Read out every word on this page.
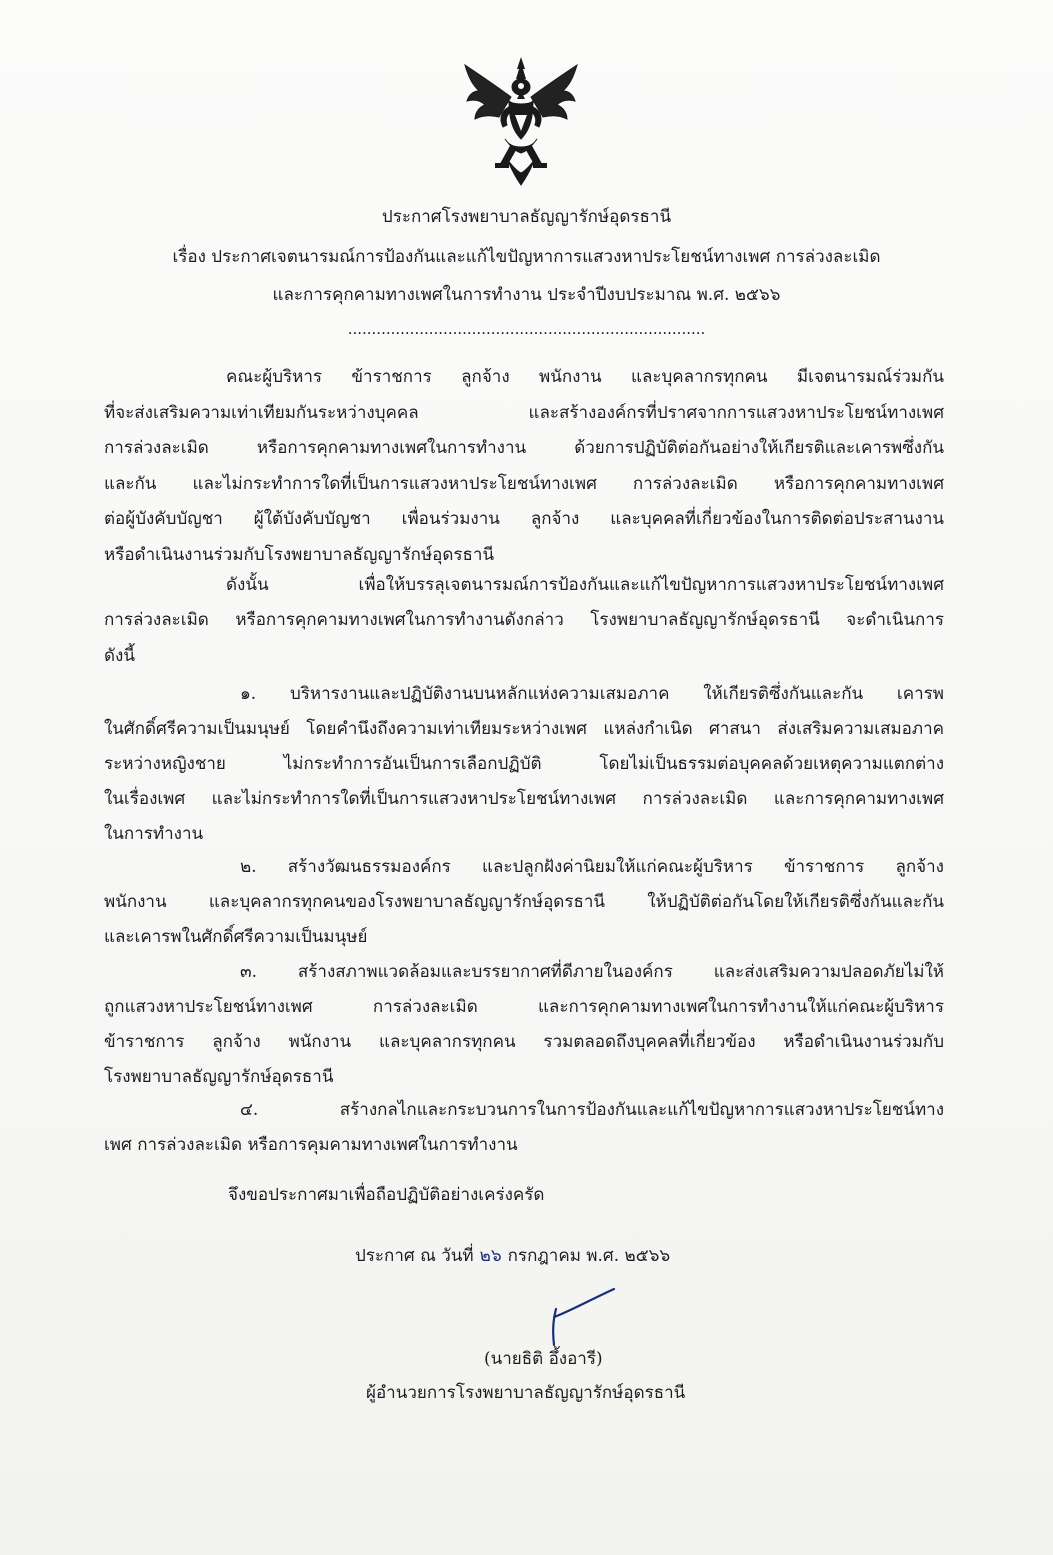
ประกาศโรงพยาบาลธัญญารักษ์อุดรธานี
เรื่อง ประกาศเจตนารมณ์การป้องกันและแก้ไขปัญหาการแสวงหาประโยชน์ทางเพศ การล่วงละเมิด
และการคุกคามทางเพศในการทำงาน ประจำปีงบประมาณ พ.ศ. ๒๕๖๖
...........................................................................
คณะผู้บริหาร ข้าราชการ ลูกจ้าง พนักงาน และบุคลากรทุกคน มีเจตนารมณ์ร่วมกัน
ที่จะส่งเสริมความเท่าเทียมกันระหว่างบุคคล และสร้างองค์กรที่ปราศจากการแสวงหาประโยชน์ทางเพศ
การล่วงละเมิด หรือการคุกคามทางเพศในการทำงาน ด้วยการปฏิบัติต่อกันอย่างให้เกียรติและเคารพซึ่งกัน
และกัน และไม่กระทำการใดที่เป็นการแสวงหาประโยชน์ทางเพศ การล่วงละเมิด หรือการคุกคามทางเพศ
ต่อผู้บังคับบัญชา ผู้ใต้บังคับบัญชา เพื่อนร่วมงาน ลูกจ้าง และบุคคลที่เกี่ยวข้องในการติดต่อประสานงาน
หรือดำเนินงานร่วมกับโรงพยาบาลธัญญารักษ์อุดรธานี
ดังนั้น เพื่อให้บรรลุเจตนารมณ์การป้องกันและแก้ไขปัญหาการแสวงหาประโยชน์ทางเพศ
การล่วงละเมิด หรือการคุกคามทางเพศในการทำงานดังกล่าว โรงพยาบาลธัญญารักษ์อุดรธานี จะดำเนินการ
ดังนี้
๑. บริหารงานและปฏิบัติงานบนหลักแห่งความเสมอภาค ให้เกียรติซึ่งกันและกัน เคารพ
ในศักดิ์ศรีความเป็นมนุษย์ โดยคำนึงถึงความเท่าเทียมระหว่างเพศ แหล่งกำเนิด ศาสนา ส่งเสริมความเสมอภาค
ระหว่างหญิงชาย ไม่กระทำการอันเป็นการเลือกปฏิบัติ โดยไม่เป็นธรรมต่อบุคคลด้วยเหตุความแตกต่าง
ในเรื่องเพศ และไม่กระทำการใดที่เป็นการแสวงหาประโยชน์ทางเพศ การล่วงละเมิด และการคุกคามทางเพศ
ในการทำงาน
๒. สร้างวัฒนธรรมองค์กร และปลูกฝังค่านิยมให้แก่คณะผู้บริหาร ข้าราชการ ลูกจ้าง
พนักงาน และบุคลากรทุกคนของโรงพยาบาลธัญญารักษ์อุดรธานี ให้ปฏิบัติต่อกันโดยให้เกียรติซึ่งกันและกัน
และเคารพในศักดิ์ศรีความเป็นมนุษย์
๓. สร้างสภาพแวดล้อมและบรรยากาศที่ดีภายในองค์กร และส่งเสริมความปลอดภัยไม่ให้
ถูกแสวงหาประโยชน์ทางเพศ การล่วงละเมิด และการคุกคามทางเพศในการทำงานให้แก่คณะผู้บริหาร
ข้าราชการ ลูกจ้าง พนักงาน และบุคลากรทุกคน รวมตลอดถึงบุคคลที่เกี่ยวข้อง หรือดำเนินงานร่วมกับ
โรงพยาบาลธัญญารักษ์อุดรธานี
๔. สร้างกลไกและกระบวนการในการป้องกันและแก้ไขปัญหาการแสวงหาประโยชน์ทาง
เพศ การล่วงละเมิด หรือการคุมคามทางเพศในการทำงาน
จึงขอประกาศมาเพื่อถือปฏิบัติอย่างเคร่งครัด
ประกาศ ณ วันที่ ๒๖ กรกฎาคม พ.ศ. ๒๕๖๖
(นายธิติ อึ้งอารี)
ผู้อำนวยการโรงพยาบาลธัญญารักษ์อุดรธานี
